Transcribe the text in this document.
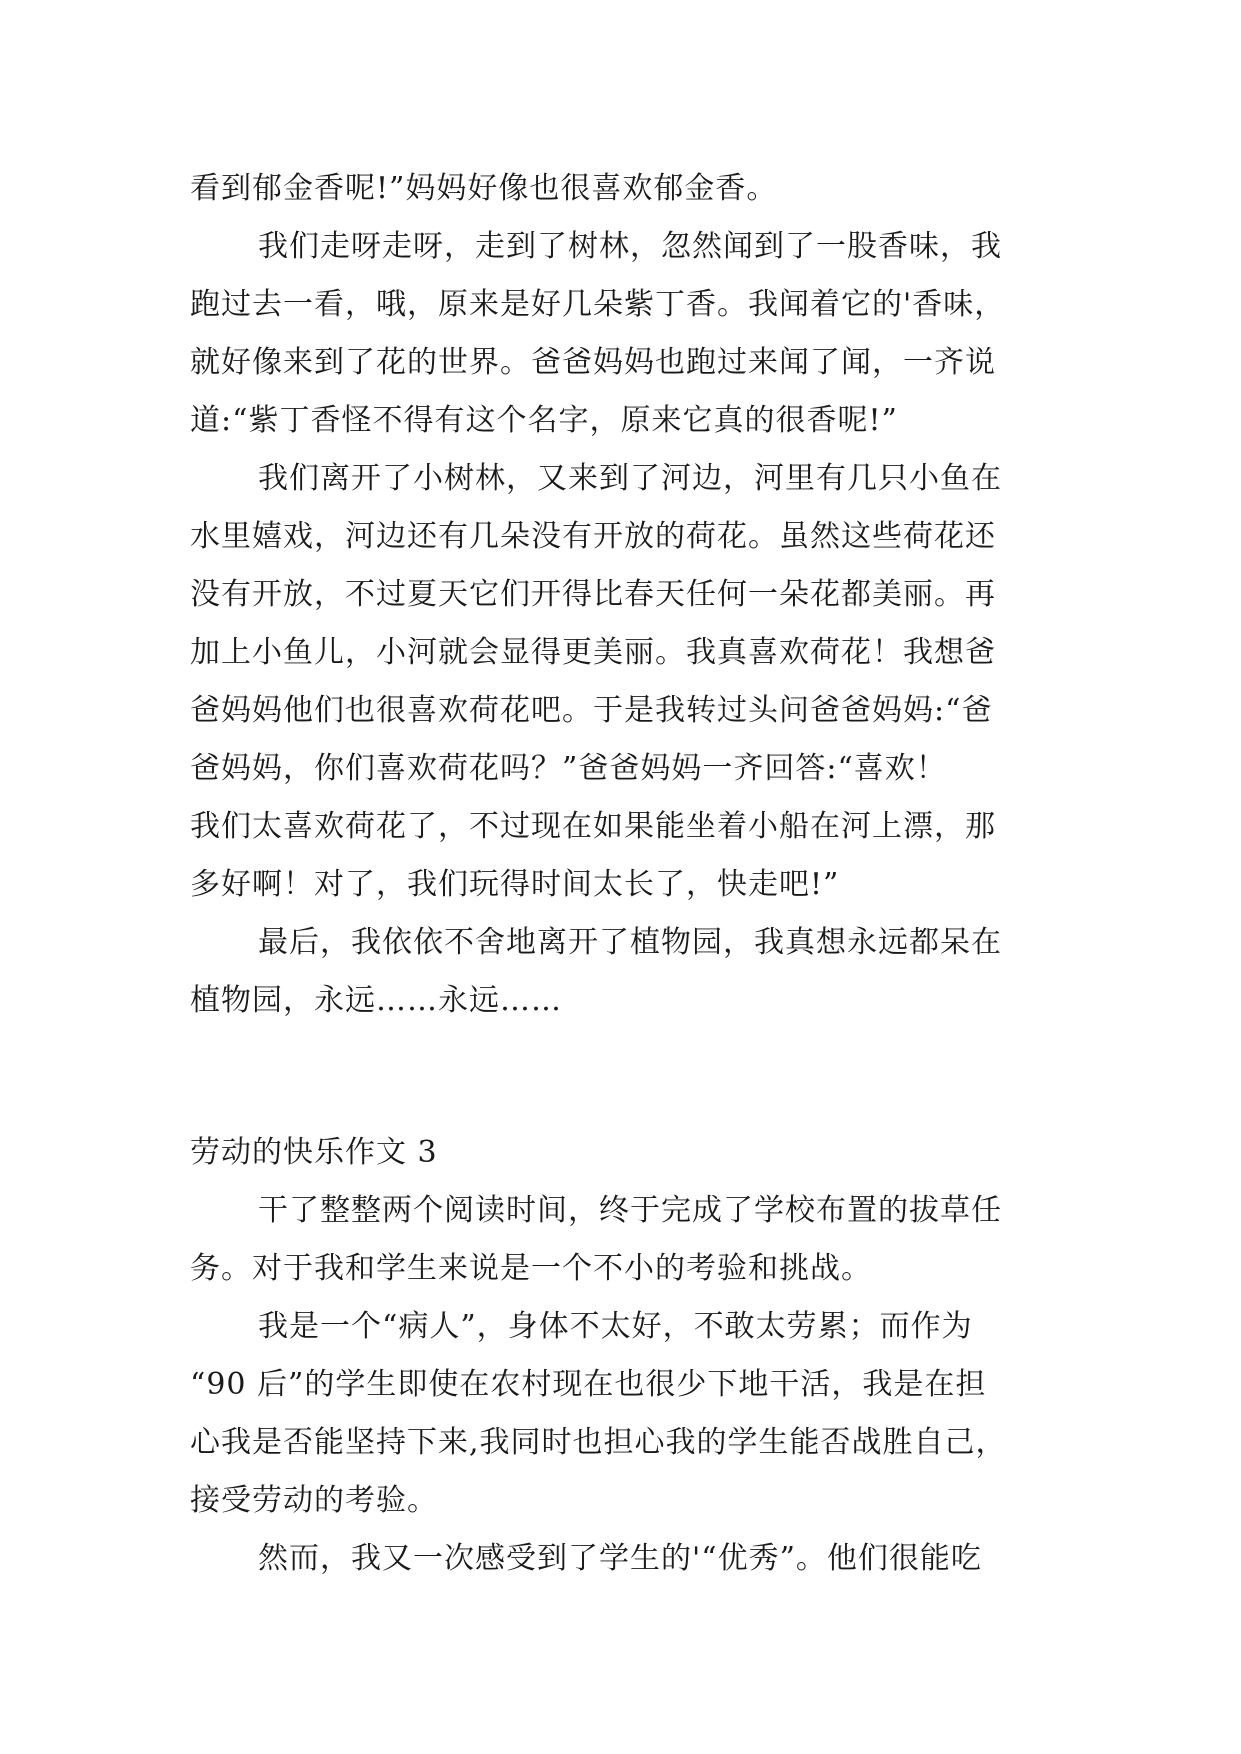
看到郁金香呢!”妈妈好像也很喜欢郁金香。
我们走呀走呀，走到了树林，忽然闻到了一股香味，我
跑过去一看，哦，原来是好几朵紫丁香。我闻着它的'香味，
就好像来到了花的世界。爸爸妈妈也跑过来闻了闻，一齐说
道:“紫丁香怪不得有这个名字，原来它真的很香呢!”
我们离开了小树林，又来到了河边，河里有几只小鱼在
水里嬉戏，河边还有几朵没有开放的荷花。虽然这些荷花还
没有开放，不过夏天它们开得比春天任何一朵花都美丽。再
加上小鱼儿，小河就会显得更美丽。我真喜欢荷花！我想爸
爸妈妈他们也很喜欢荷花吧。于是我转过头问爸爸妈妈:“爸
爸妈妈，你们喜欢荷花吗？”爸爸妈妈一齐回答:“喜欢！
我们太喜欢荷花了，不过现在如果能坐着小船在河上漂，那
多好啊！对了，我们玩得时间太长了，快走吧!”
最后，我依依不舍地离开了植物园，我真想永远都呆在
植物园，永远……永远……
劳动的快乐作文 3
干了整整两个阅读时间，终于完成了学校布置的拔草任
务。对于我和学生来说是一个不小的考验和挑战。
我是一个“病人”，身体不太好，不敢太劳累；而作为
“90 后”的学生即使在农村现在也很少下地干活，我是在担
心我是否能坚持下来,我同时也担心我的学生能否战胜自己，
接受劳动的考验。
然而，我又一次感受到了学生的'“优秀”。他们很能吃
